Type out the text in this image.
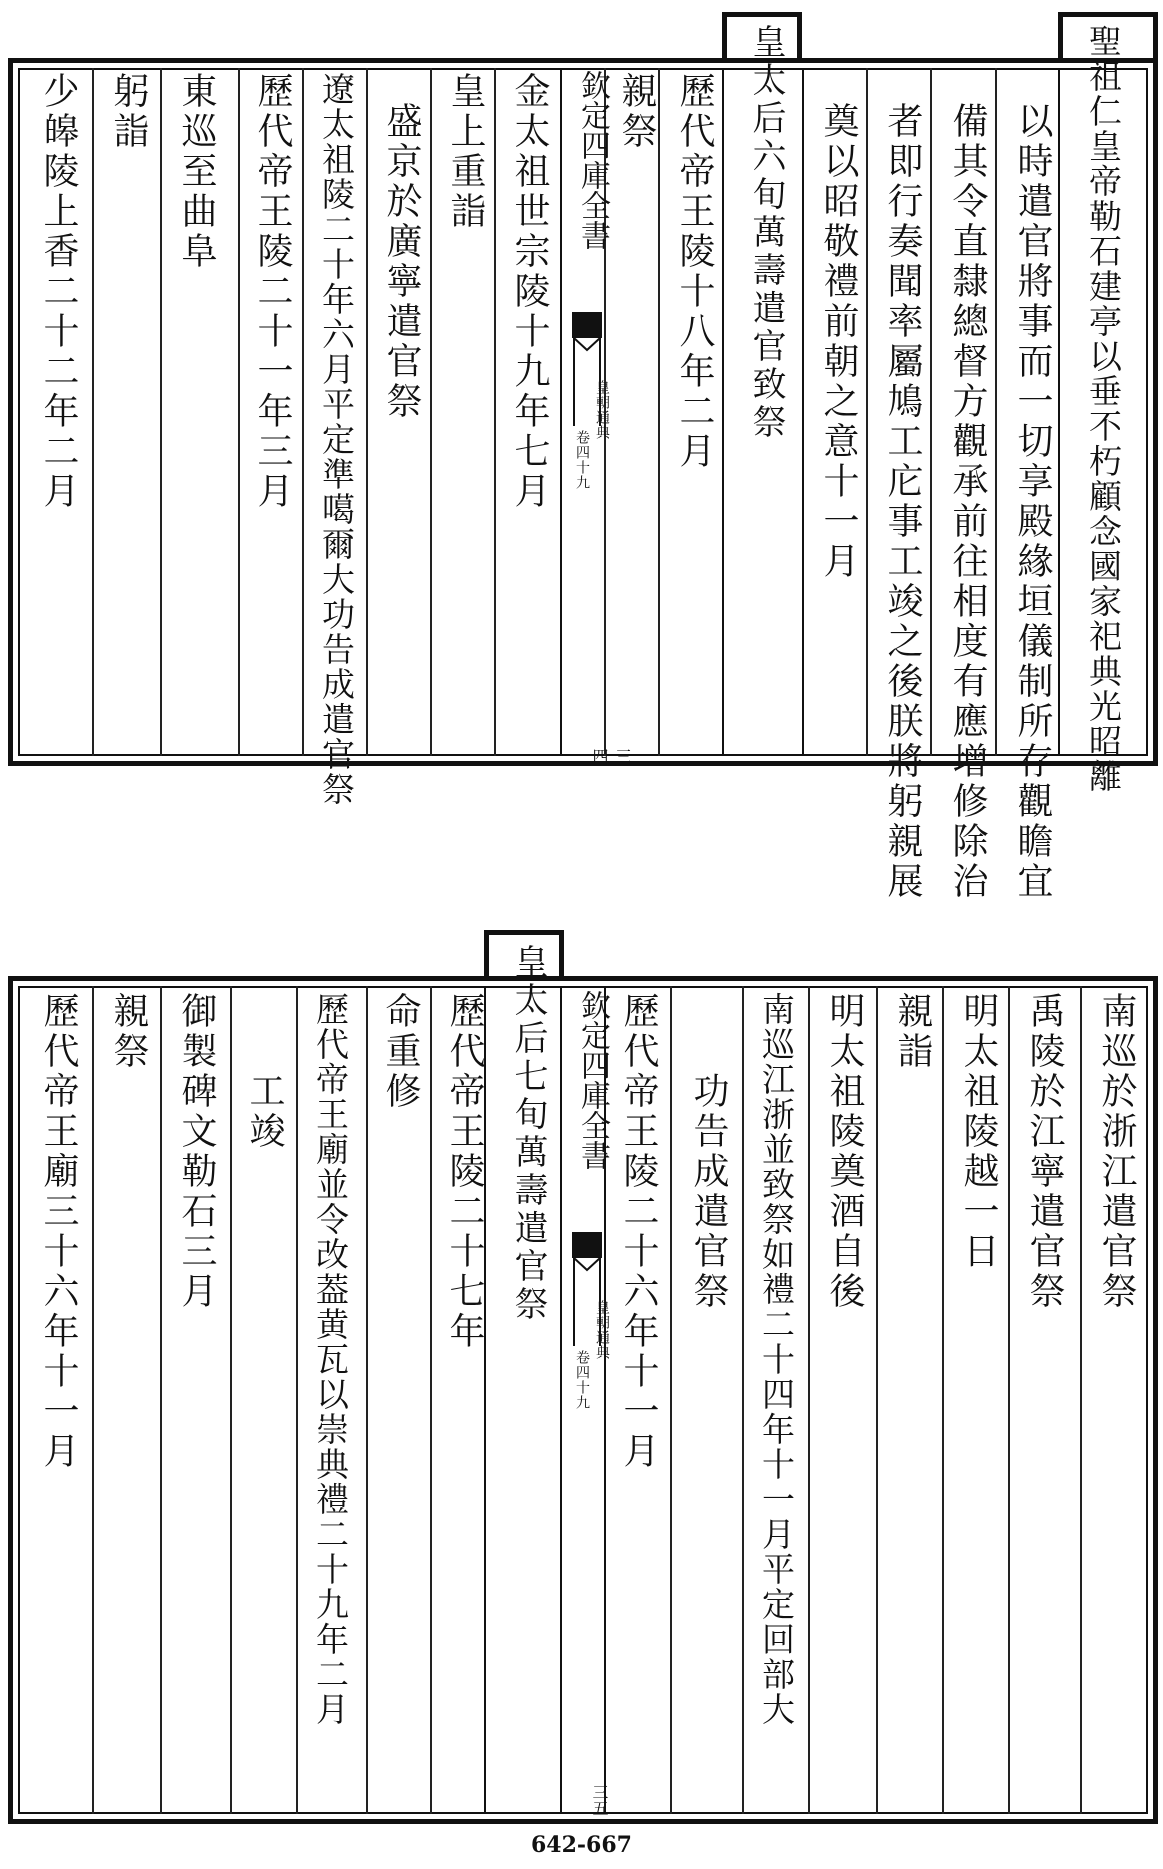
聖祖仁皇帝勒石建亭以垂不朽顧念國家祀典光昭離
皇太后六旬萬壽遣官致祭	以時遣官將事而一切享殿緣垣儀制所存觀瞻宜
備其令直隸總督方觀承前往相度有應增修除治
者即行奏聞率屬鳩工庀事工竣之後朕將躬親展
奠以昭敬禮前朝之意十一月
歷代帝王陵十八年二月
親祭
欽定四庫全書
皇朝通典
卷四十九
三四
金太祖世宗陵十九年七月
皇上重詣
盛京於廣寧遣官祭
遼太祖陵二十年六月平定準噶爾大功告成遣官祭
歷代帝王陵二十一年三月
東巡至曲阜
躬詣
少皞陵上香二十二年二月
皇太后七旬萬壽遣官祭	南巡於浙江遣官祭
禹陵於江寧遣官祭
明太祖陵越一日
親詣
明太祖陵奠酒自後
南巡江浙並致祭如禮二十四年十一月平定回部大
功告成遣官祭
歷代帝王陵二十六年十一月
欽定四庫全書
皇朝通典
卷四十九
三五
歷代帝王陵二十七年
命重修
歷代帝王廟並令改葢黄瓦以崇典禮二十九年二月
工竣
御製碑文勒石三月
親祭
歷代帝王廟三十六年十一月
642-667
